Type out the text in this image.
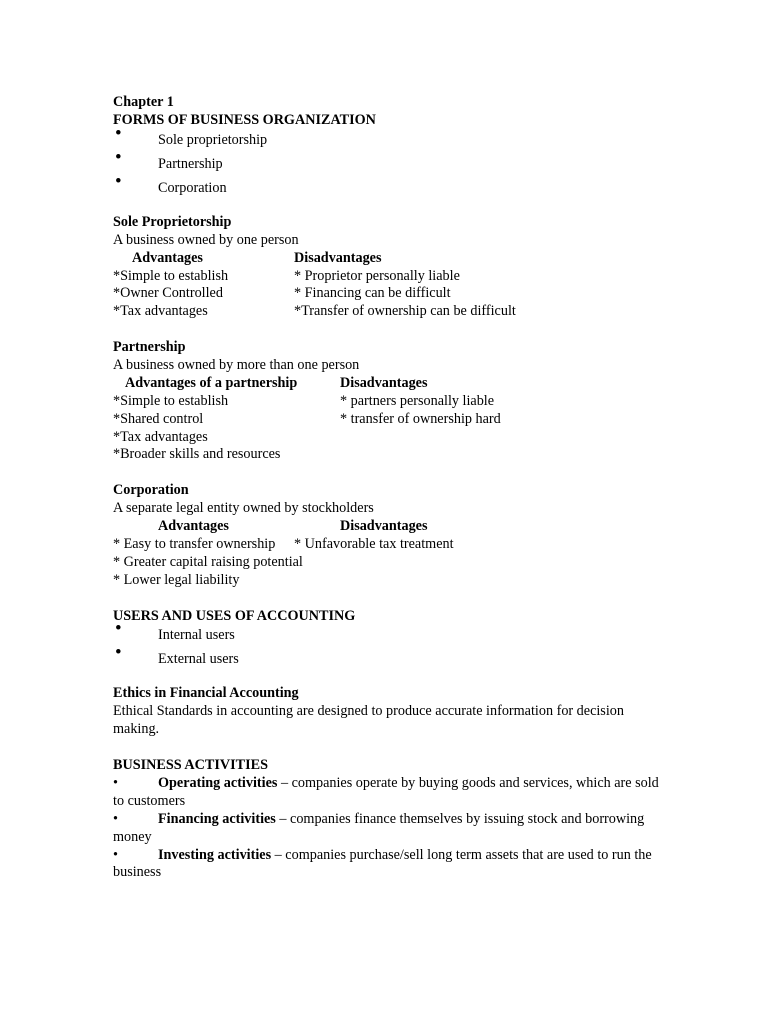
Chapter 1
FORMS OF BUSINESS ORGANIZATION
•	Sole proprietorship
•	Partnership
•	Corporation
Sole Proprietorship
A business owned by one person
Advantages	Disadvantages
*Simple to establish	* Proprietor personally liable
*Owner Controlled	* Financing can be difficult
*Tax advantages	*Transfer of ownership can be difficult
Partnership
A business owned by more than one person
Advantages of a partnership	Disadvantages
*Simple to establish	* partners personally liable
*Shared control	* transfer of ownership hard
*Tax advantages
*Broader skills and resources
Corporation
A separate legal entity owned by stockholders
Advantages	Disadvantages
* Easy to transfer ownership * Unfavorable tax treatment
* Greater capital raising potential
* Lower legal liability
USERS AND USES OF ACCOUNTING
•	Internal users
•	External users
Ethics in Financial Accounting

Ethical Standards in accounting are designed to produce accurate information for decision making.

BUSINESS ACTIVITIES
•	Operating activities – companies operate by buying goods and services, which are sold to customers
•	Financing activities – companies finance themselves by issuing stock and borrowing money
•	Investing activities – companies purchase/sell long term assets that are used to run the business
